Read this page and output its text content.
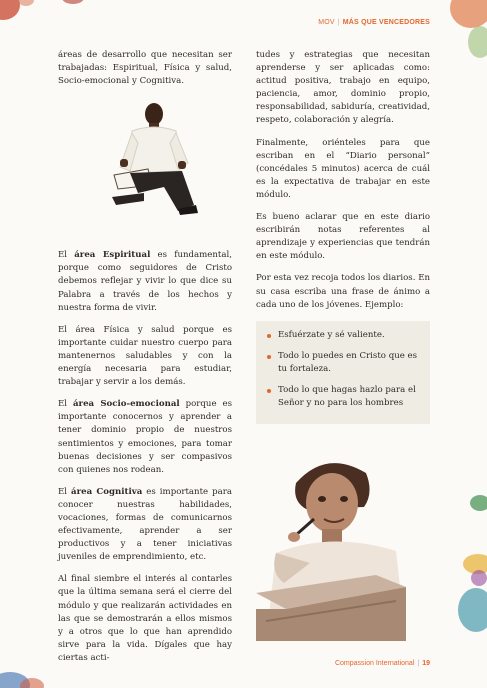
MOV | MÁS QUE VENCEDORES

áreas de desarrollo que necesitan ser trabajadas: Espiritual, Física y salud, Socio-emocional y Cognitiva.

El área Espiritual es fundamental, porque como seguidores de Cristo debemos reflejar y vivir lo que dice su Palabra a través de los hechos y nuestra forma de vivir.

El área Física y salud porque es importante cuidar nuestro cuerpo para mantenernos saludables y con la energía necesaria para estudiar, trabajar y servir a los demás.

El área Socio-emocional porque es importante conocernos y aprender a tener dominio propio de nuestros sentimientos y emociones, para tomar buenas decisiones y ser compasivos con quienes nos rodean.

El área Cognitiva es importante para conocer nuestras habilidades, vocaciones, formas de comunicarnos efectivamente, aprender a ser productivos y a tener iniciativas juveniles de emprendimiento, etc.

Al final siembre el interés al contarles que la última semana será el cierre del módulo y que realizarán actividades en las que se demostrarán a ellos mismos y a otros que lo que han aprendido sirve para la vida. Dígales que hay ciertas acti-

tudes y estrategias que necesitan aprenderse y ser aplicadas como: actitud positiva, trabajo en equipo, paciencia, amor, dominio propio, responsabilidad, sabiduría, creatividad, respeto, colaboración y alegría.

Finalmente, oriénteles para que escriban en el “Diario personal” (concédales 5 minutos) acerca de cuál es la expectativa de trabajar en este módulo.

Es bueno aclarar que en este diario escribirán notas referentes al aprendizaje y experiencias que tendrán en este módulo.

Por esta vez recoja todos los diarios. En su casa escriba una frase de ánimo a cada uno de los jóvenes. Ejemplo:

Esfuérzate y sé valiente.
Todo lo puedes en Cristo que es tu fortaleza.
Todo lo que hagas hazlo para el Señor y no para los hombres
Compassion International | 19
